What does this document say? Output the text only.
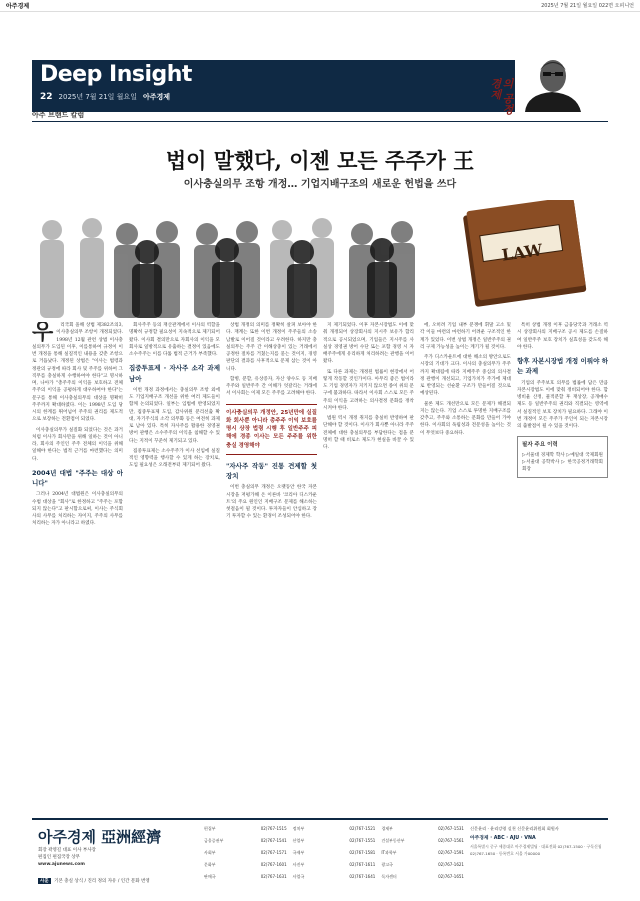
아주경제	2025년 7월 21일 월요일 022면 오피니언
Deep Insight
22 2025년 7월 21일 월요일 아주경제
의 공정경제
아주 브랜드 칼럼
법이 말했다, 이젠 모든 주주가 王
이사충실의무 조항 개정… 기업지배구조의 새로운 헌법을 쓰다
LAW
우	리국회 올해 상법 제382조의3, 이사충실의무 조항이 개정되었다. 1998년 12월 관련 상법 이사충실의무가 도입된 이후, 이를통하여 규정이 이번 개정을 통해 실질적인 내용을 갖춘 조항으로 거듭났다. 개정된 상법은 "이사는 법령과 정관의 규정에 따라 회사 및 주주를 위하여 그 직무를 충실하게 수행하여야 한다"고 명시하며, 나아가 "총주주의 이익을 보호하고 전체 주주의 이익을 공평하게 대우하여야 한다"는 문구를 통해 이사충실의무의 대상을 명확히 주주까지 확대하였다. 이는 1998년 도입 당시의 한계를 뛰어넘어 주주의 권리를 제도적으로 보장하는 전환점이 되었다.

이사충실의무가 실질화 되었다는 것은 과거처럼 이사가 회사만을 위해 일하는 것이 아니라, 회사의 주인인 주주 전체의 이익을 위해 일해야 한다는 법적 근거를 마련했다는 의미다.

2004년 대법 "주주는 대상 아니다"

그러나 2004년 대법원은 이사충실의무의 수범 대상을 "회사"로 한정하고 "주주는 포함되지 않는다"고 판시함으로써, 이사는 주식회사의 사무를 처리하는 자이지, 주주의 사무를 처리하는 자가 아니라고 하였다.

회사주주 등의 재산관계에서 이사의 역할을 명확히 규정할 필요성이 지속적으로 제기되어 왔다. 이사회 결의만으로 자회사의 이익을 모회사로 일방적으로 유출하는 결정이 있음에도 소수주주는 이를 다툴 법적 근거가 부족했다.

집중투표제 · 자사주 소각 과제 남아

이번 개정 과정에서는 충실의무 조항 외에도 기업지배구조 개선을 위한 여러 제도들이 함께 논의되었다. 일부는 입법에 반영되었지만, 집중투표제 도입, 감사위원 분리선출 확대, 자기주식의 소각 의무화 등은 여전히 과제로 남아 있다. 특히 자사주를 활용한 경영권 방어 관행은 소수주주의 이익을 침해할 수 있다는 지적이 꾸준히 제기되고 있다.

집중투표제는 소수주주가 이사 선임에 실질적인 영향력을 행사할 수 있게 하는 장치로, 도입 필요성은 오래전부터 제기되어 왔다.

상법 개정의 의미를 정확히 살펴 보아야 한다. 재계는 또한 이번 개정이 주주들의 소송 남발로 이어질 것이라고 우려한다. 하지만 충실의무는 주주 간 이해상충이 있는 거래에서 공정한 절차를 거쳤는지를 묻는 것이지, 경영 판단의 결과를 사후적으로 문제 삼는 것이 아니다.

합병, 분할, 유상증자, 자산 양수도 등 지배주주와 일반주주 간 이해가 엇갈리는 거래에서 이사회는 이제 모든 주주를 고려해야 한다.

이사충실의무 개정안, 25년만에 실질화 회사뿐 아니라 총주주 이익 보호를 명시 상장 법령 시행 후 일반주주 피해에 경종 이사는 모든 주주를 위한 충실 경영해야
"자사주 작동" 진통 견제할 첫 장치

이번 충실의무 개정은 오랫동안 한국 자본시장을 저평가해 온 이른바 '코리아 디스카운트'의 주요 원인인 지배구조 문제를 해소하는 첫걸음이 될 것이다. 투자자들이 안심하고 장기 투자할 수 있는 환경이 조성되어야 한다.

지 제기되었다. 이후 자본시장법도 이에 맞춰 개정되어 상장회사의 지시주 보유가 합리적으로 공시되었으며, 기업들은 지시주를 사실상 경영권 방어 수단 또는 포함 경영 시 자배주주에게 유리하게 처리하려는 관행을 이어왔다.

또 다른 과제는 개정된 법률이 현장에서 어떻게 작동할 것인가이다. 아무리 좋은 법이라도 기업 경영자가 지키지 않으면 종이 위의 문구에 불과하다. 따라서 이사회 스스로 모든 주주의 이익을 고려하는 의사결정 문화를 정착시켜야 한다.

법원 역시 개정 취지를 충실히 반영하여 판단해야 할 것이다. 이사가 회사뿐 아니라 주주 전체에 대한 충실의무를 부담한다는 점을 분명히 할 때 비로소 제도가 현실을 바꿀 수 있다.

에, 오히려 기업 내부 분쟁에 휘말 고소 및 각 이들 마련의 마련하기 어려운 구조적인 한계가 있었다. 이번 상법 개정은 일반주주의 권리 구제 가능성을 높이는 계기가 될 것이다.

주가 디스카운트에 대한 해소의 방안으로도 시장의 기대가 크다. 이사의 충실의무가 주주까지 확대됨에 따라 지배주주 중심의 의사결정 관행이 개선되고, 기업가치가 주가에 제대로 반영되는 선순환 구조가 만들어질 것으로 예상된다.

물론 제도 개선만으로 모든 문제가 해결되지는 않는다. 기업 스스로 투명한 지배구조를 갖추고, 주주와 소통하는 문화를 만들어 가야 한다. 이사회의 독립성과 전문성을 높이는 것이 무엇보다 중요하다.

특히 상법 개정 이후 금융당국과 거래소 역시 상장회사의 지배구조 공시 제도를 손질하여 일반주주 보호 장치가 실효성을 갖도록 해야 한다.

향후 자본시장법 개정 이뤄야 하는 과제

기업의 주주보호 의무를 법률에 담은 만큼 자본시장법도 이에 맞춰 정비되어야 한다. 합병비율 산정, 물적분할 후 재상장, 공개매수 제도 등 일반주주의 권리와 직결되는 영역에서 실질적인 보호 장치가 필요하다. 그래야 이번 개정이 모든 주주가 주인이 되는 자본시장의 출발점이 될 수 있을 것이다.

필자 주요 이력
▷서울대 경제학 학사 ▷예일대 국제회원 ▷서울대 공학박사 ▷ 한국공정거래학회 회장
아주경제 亞洲經濟
회장 곽영길 대표 이사 부사장
편집인 편집국장 상무
www.ajunews.com
사훈 기본 충실 상식 / 진리 정의 자유 / 인간 문화 번영
편집부	02)767-1515 정치부	02)767-1521 경제부	02)767-1531
금융증권부	02)767-1541 산업부	02)767-1551 건설부동산부	02)767-1561
사회부	02)767-1571 국제부	02)767-1581 IT과학부	02)767-1591
문화부	02)767-1601 사진부	02)767-1611 광고국	02)767-1621
판매국	02)767-1631 사업국	02)767-1641 독자센터	02)767-1651
신문윤리 · 윤리강령 실천 신문윤리위원회 회원사
아주경제 · ABC · AJU · VNA
서울특별시 중구 세종대로 아주경제빌딩 · 대표전화 02)767-1500 · 구독신청 02)767-1650 · 등록번호 서울 가00000
